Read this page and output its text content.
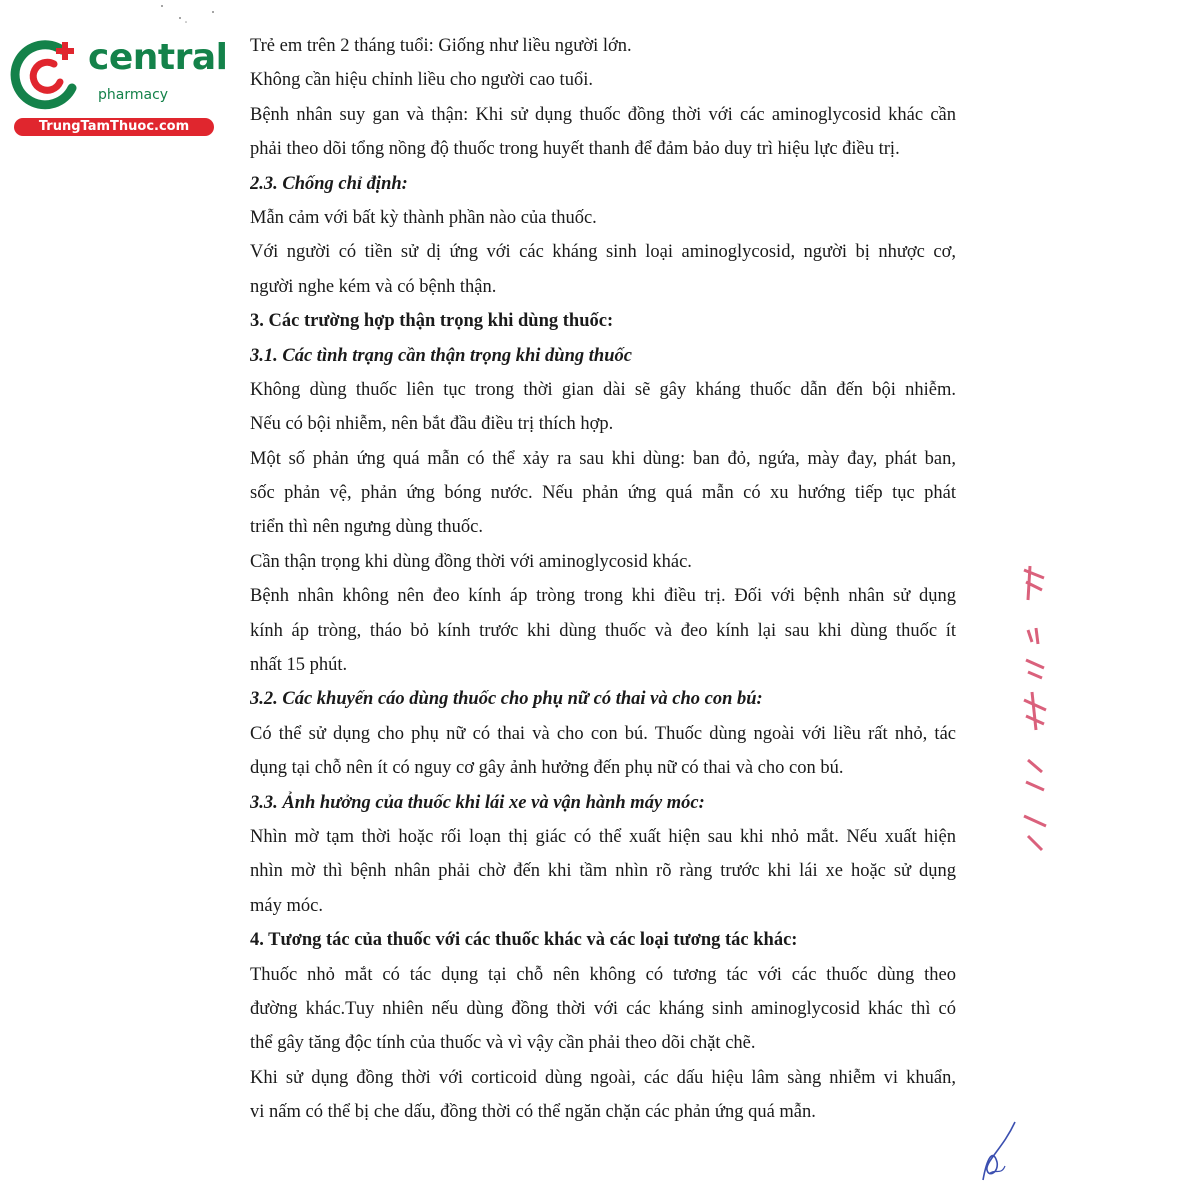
central
pharmacy
TrungTamThuoc.com
Trẻ em trên 2 tháng tuổi: Giống như liều người lớn.
Không cần hiệu chỉnh liều cho người cao tuổi.
Bệnh nhân suy gan và thận: Khi sử dụng thuốc đồng thời với các aminoglycosid khác cần
phải theo dõi tổng nồng độ thuốc trong huyết thanh để đảm bảo duy trì hiệu lực điều trị.
2.3. Chống chỉ định:
Mẫn cảm với bất kỳ thành phần nào của thuốc.
Với người có tiền sử dị ứng với các kháng sinh loại aminoglycosid, người bị nhược cơ,
người nghe kém và có bệnh thận.
3. Các trường hợp thận trọng khi dùng thuốc:
3.1. Các tình trạng cần thận trọng khi dùng thuốc
Không dùng thuốc liên tục trong thời gian dài sẽ gây kháng thuốc dẫn đến bội nhiễm.
Nếu có bội nhiễm, nên bắt đầu điều trị thích hợp.
Một số phản ứng quá mẫn có thể xảy ra sau khi dùng: ban đỏ, ngứa, mày đay, phát ban,
sốc phản vệ, phản ứng bóng nước. Nếu phản ứng quá mẫn có xu hướng tiếp tục phát
triển thì nên ngưng dùng thuốc.
Cần thận trọng khi dùng đồng thời với aminoglycosid khác.
Bệnh nhân không nên đeo kính áp tròng trong khi điều trị. Đối với bệnh nhân sử dụng
kính áp tròng, tháo bỏ kính trước khi dùng thuốc và đeo kính lại sau khi dùng thuốc ít
nhất 15 phút.
3.2. Các khuyến cáo dùng thuốc cho phụ nữ có thai và cho con bú:
Có thể sử dụng cho phụ nữ có thai và cho con bú. Thuốc dùng ngoài với liều rất nhỏ, tác
dụng tại chỗ nên ít có nguy cơ gây ảnh hưởng đến phụ nữ có thai và cho con bú.
3.3. Ảnh hưởng của thuốc khi lái xe và vận hành máy móc:
Nhìn mờ tạm thời hoặc rối loạn thị giác có thể xuất hiện sau khi nhỏ mắt. Nếu xuất hiện
nhìn mờ thì bệnh nhân phải chờ đến khi tầm nhìn rõ ràng trước khi lái xe hoặc sử dụng
máy móc.
4. Tương tác của thuốc với các thuốc khác và các loại tương tác khác:
Thuốc nhỏ mắt có tác dụng tại chỗ nên không có tương tác với các thuốc dùng theo
đường khác.Tuy nhiên nếu dùng đồng thời với các kháng sinh aminoglycosid khác thì có
thể gây tăng độc tính của thuốc và vì vậy cần phải theo dõi chặt chẽ.
Khi sử dụng đồng thời với corticoid dùng ngoài, các dấu hiệu lâm sàng nhiễm vi khuẩn,
vi nấm có thể bị che dấu, đồng thời có thể ngăn chặn các phản ứng quá mẫn.
